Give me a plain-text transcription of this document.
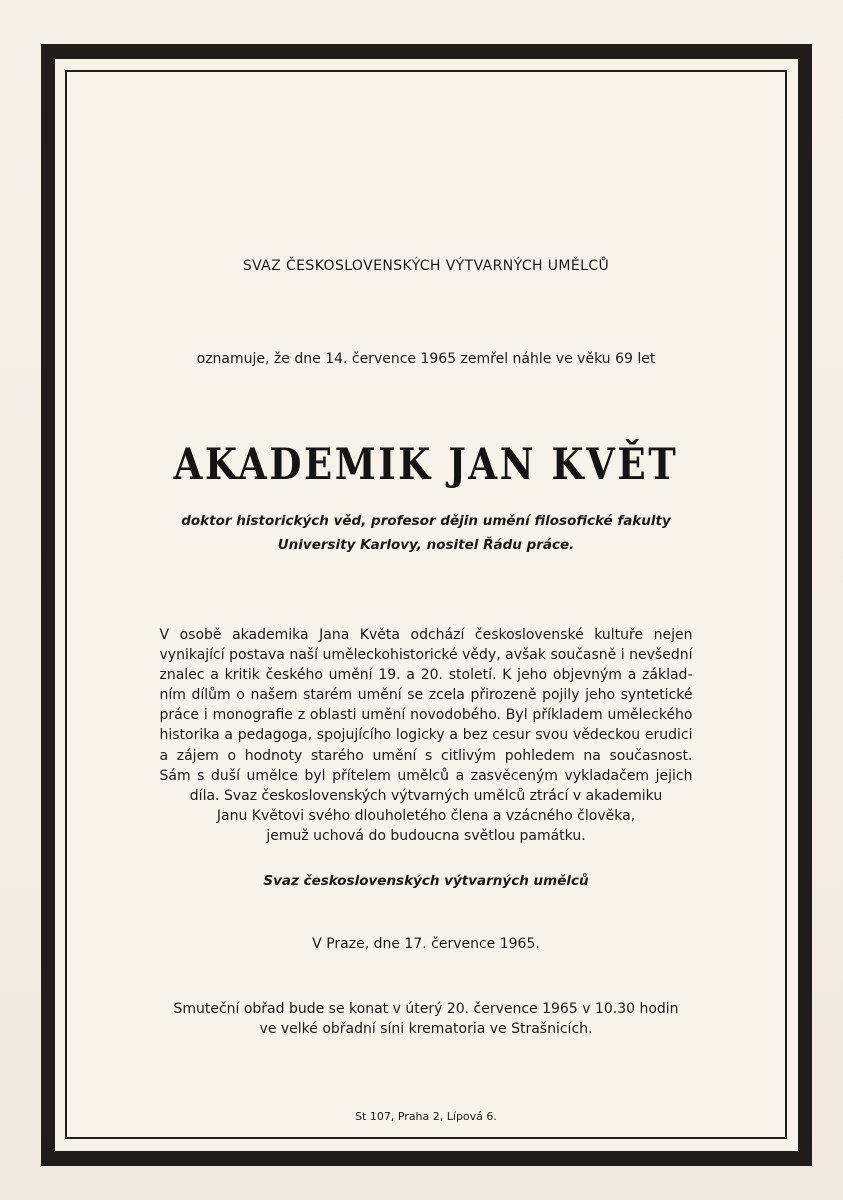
SVAZ ČESKOSLOVENSKÝCH VÝTVARNÝCH UMĚLCŮ
oznamuje, že dne 14. července 1965 zemřel náhle ve věku 69 let
AKADEMIK JAN KVĚT
doktor historických věd, profesor dějin umění filosofické fakulty
University Karlovy, nositel Řádu práce.
V osobě akademika Jana Květa odchází československé kultuře nejen
vynikající postava naší uměleckohistorické vědy, avšak současně i nevšední
znalec a kritik českého umění 19. a 20. století. K jeho objevným a základ-
ním dílům o našem starém umění se zcela přirozeně pojily jeho syntetické
práce i monografie z oblasti umění novodobého. Byl příkladem uměleckého
historika a pedagoga, spojujícího logicky a bez cesur svou vědeckou erudici
a zájem o hodnoty starého umění s citlivým pohledem na současnost.
Sám s duší umělce byl přítelem umělců a zasvěceným vykladačem jejich
díla. Svaz československých výtvarných umělců ztrácí v akademiku
Janu Květovi svého dlouholetého člena a vzácného člověka,
jemuž uchová do budoucna světlou památku.
Svaz československých výtvarných umělců
V Praze, dne 17. července 1965.
Smuteční obřad bude se konat v úterý 20. července 1965 v 10.30 hodin
ve velké obřadní síni krematoria ve Strašnicích.
St 107, Praha 2, Lípová 6.
